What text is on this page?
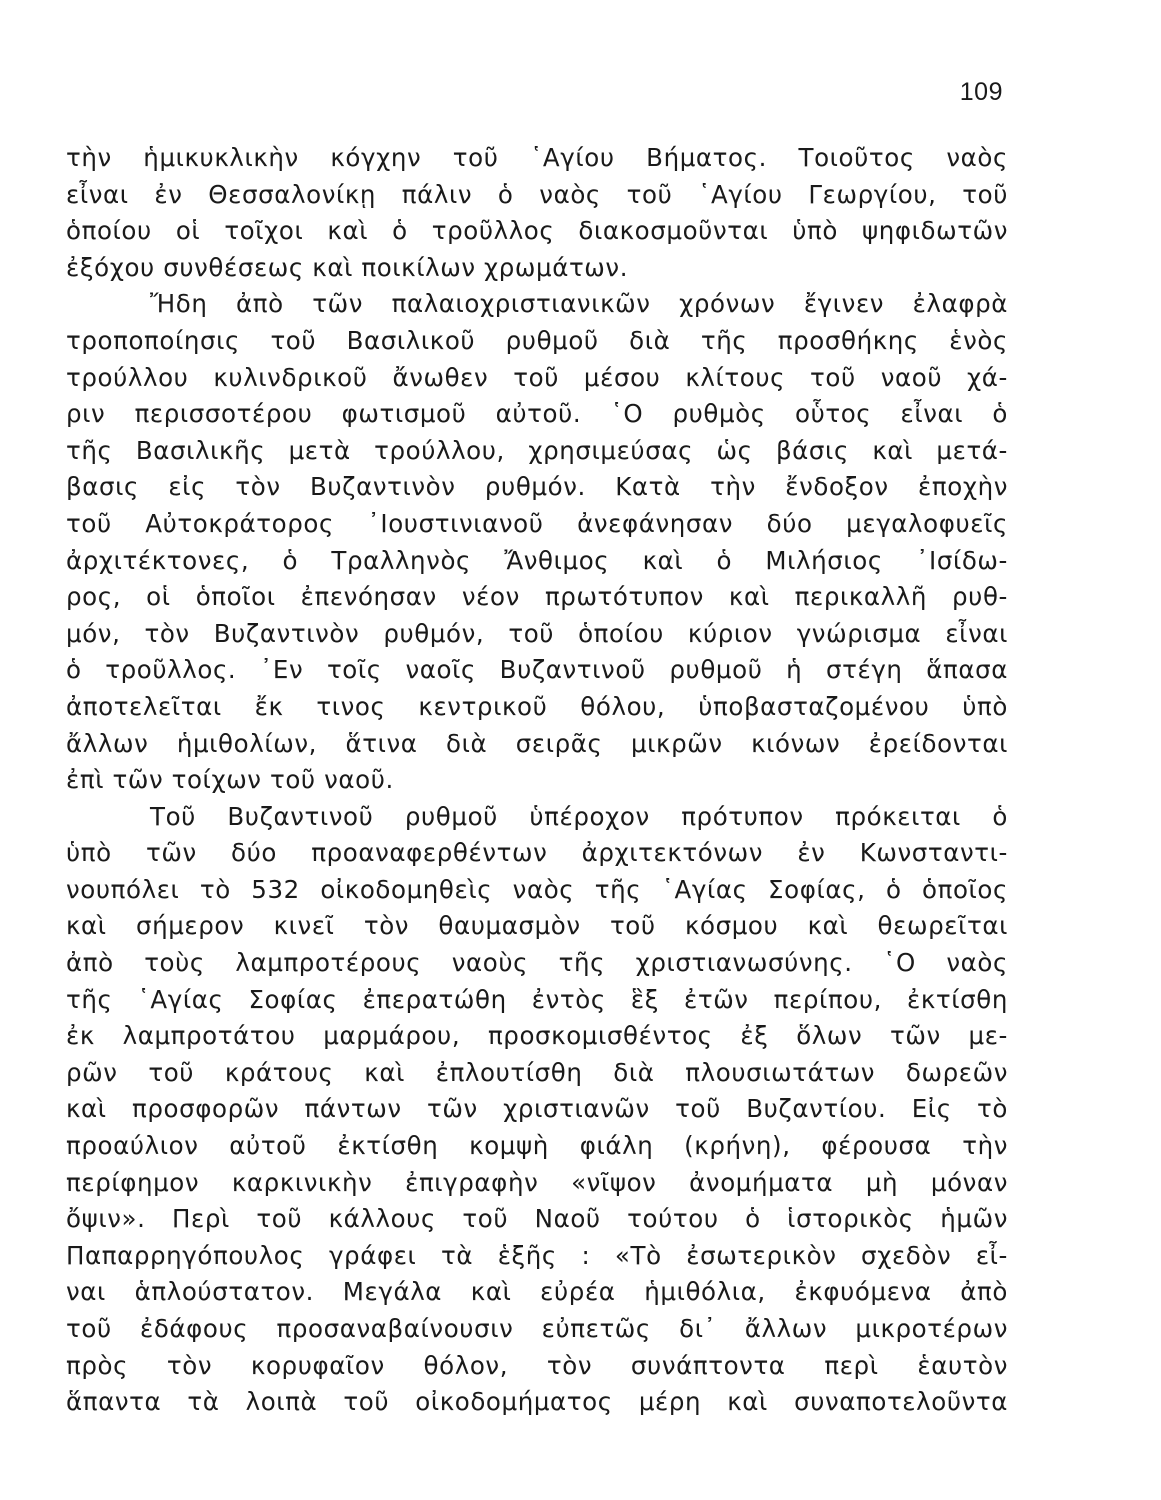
109
τὴν ἡμικυκλικὴν κόγχην τοῦ ῾Αγίου Βήματος. Τοιοῦτος ναὸς
εἶναι ἐν Θεσσαλονίκῃ πάλιν ὁ ναὸς τοῦ ῾Αγίου Γεωργίου, τοῦ
ὁποίου οἱ τοῖχοι καὶ ὁ τροῦλλος διακοσμοῦνται ὑπὸ ψηφιδωτῶν
ἐξόχου συνθέσεως καὶ ποικίλων χρωμάτων.
Ἤδη ἀπὸ τῶν παλαιοχριστιανικῶν χρόνων ἔγινεν ἐλαφρὰ
τροποποίησις τοῦ Βασιλικοῦ ρυθμοῦ διὰ τῆς προσθήκης ἑνὸς
τρούλλου κυλινδρικοῦ ἄνωθεν τοῦ μέσου κλίτους τοῦ ναοῦ χά-
ριν περισσοτέρου φωτισμοῦ αὐτοῦ. ῾Ο ρυθμὸς οὗτος εἶναι ὁ
τῆς Βασιλικῆς μετὰ τρούλλου, χρησιμεύσας ὡς βάσις καὶ μετά-
βασις εἰς τὸν Βυζαντινὸν ρυθμόν. Κατὰ τὴν ἔνδοξον ἐποχὴν
τοῦ Αὐτοκράτορος ᾽Ιουστινιανοῦ ἀνεφάνησαν δύο μεγαλοφυεῖς
ἀρχιτέκτονες, ὁ Τραλληνὸς Ἄνθιμος καὶ ὁ Μιλήσιος ᾽Ισίδω-
ρος, οἱ ὁποῖοι ἐπενόησαν νέον πρωτότυπον καὶ περικαλλῆ ρυθ-
μόν, τὸν Βυζαντινὸν ρυθμόν, τοῦ ὁποίου κύριον γνώρισμα εἶναι
ὁ τροῦλλος. ᾽Εν τοῖς ναοῖς Βυζαντινοῦ ρυθμοῦ ἡ στέγη ἅπασα
ἀποτελεῖται ἔκ τινος κεντρικοῦ θόλου, ὑποβασταζομένου ὑπὸ
ἄλλων ἡμιθολίων, ἅτινα διὰ σειρᾶς μικρῶν κιόνων ἐρείδονται
ἐπὶ τῶν τοίχων τοῦ ναοῦ.
Τοῦ Βυζαντινοῦ ρυθμοῦ ὑπέροχον πρότυπον πρόκειται ὁ
ὑπὸ τῶν δύο προαναφερθέντων ἀρχιτεκτόνων ἐν Κωνσταντι-
νουπόλει τὸ 532 οἰκοδομηθεὶς ναὸς τῆς ῾Αγίας Σοφίας, ὁ ὁποῖος
καὶ σήμερον κινεῖ τὸν θαυμασμὸν τοῦ κόσμου καὶ θεωρεῖται
ἀπὸ τοὺς λαμπροτέρους ναοὺς τῆς χριστιανωσύνης. ῾Ο ναὸς
τῆς ῾Αγίας Σοφίας ἐπερατώθη ἐντὸς ἓξ ἐτῶν περίπου, ἐκτίσθη
ἐκ λαμπροτάτου μαρμάρου, προσκομισθέντος ἐξ ὅλων τῶν με-
ρῶν τοῦ κράτους καὶ ἐπλουτίσθη διὰ πλουσιωτάτων δωρεῶν
καὶ προσφορῶν πάντων τῶν χριστιανῶν τοῦ Βυζαντίου. Εἰς τὸ
προαύλιον αὐτοῦ ἐκτίσθη κομψὴ φιάλη (κρήνη), φέρουσα τὴν
περίφημον καρκινικὴν ἐπιγραφὴν «νῖψον ἀνομήματα μὴ μόναν
ὄψιν». Περὶ τοῦ κάλλους τοῦ Ναοῦ τούτου ὁ ἱστορικὸς ἡμῶν
Παπαρρηγόπουλος γράφει τὰ ἑξῆς : «Τὸ ἐσωτερικὸν σχεδὸν εἶ-
ναι ἁπλούστατον. Μεγάλα καὶ εὐρέα ἡμιθόλια, ἐκφυόμενα ἀπὸ
τοῦ ἐδάφους προσαναβαίνουσιν εὐπετῶς δι᾽ ἄλλων μικροτέρων
πρὸς τὸν κορυφαῖον θόλον, τὸν συνάπτοντα περὶ ἑαυτὸν
ἅπαντα τὰ λοιπὰ τοῦ οἰκοδομήματος μέρη καὶ συναποτελοῦντα
